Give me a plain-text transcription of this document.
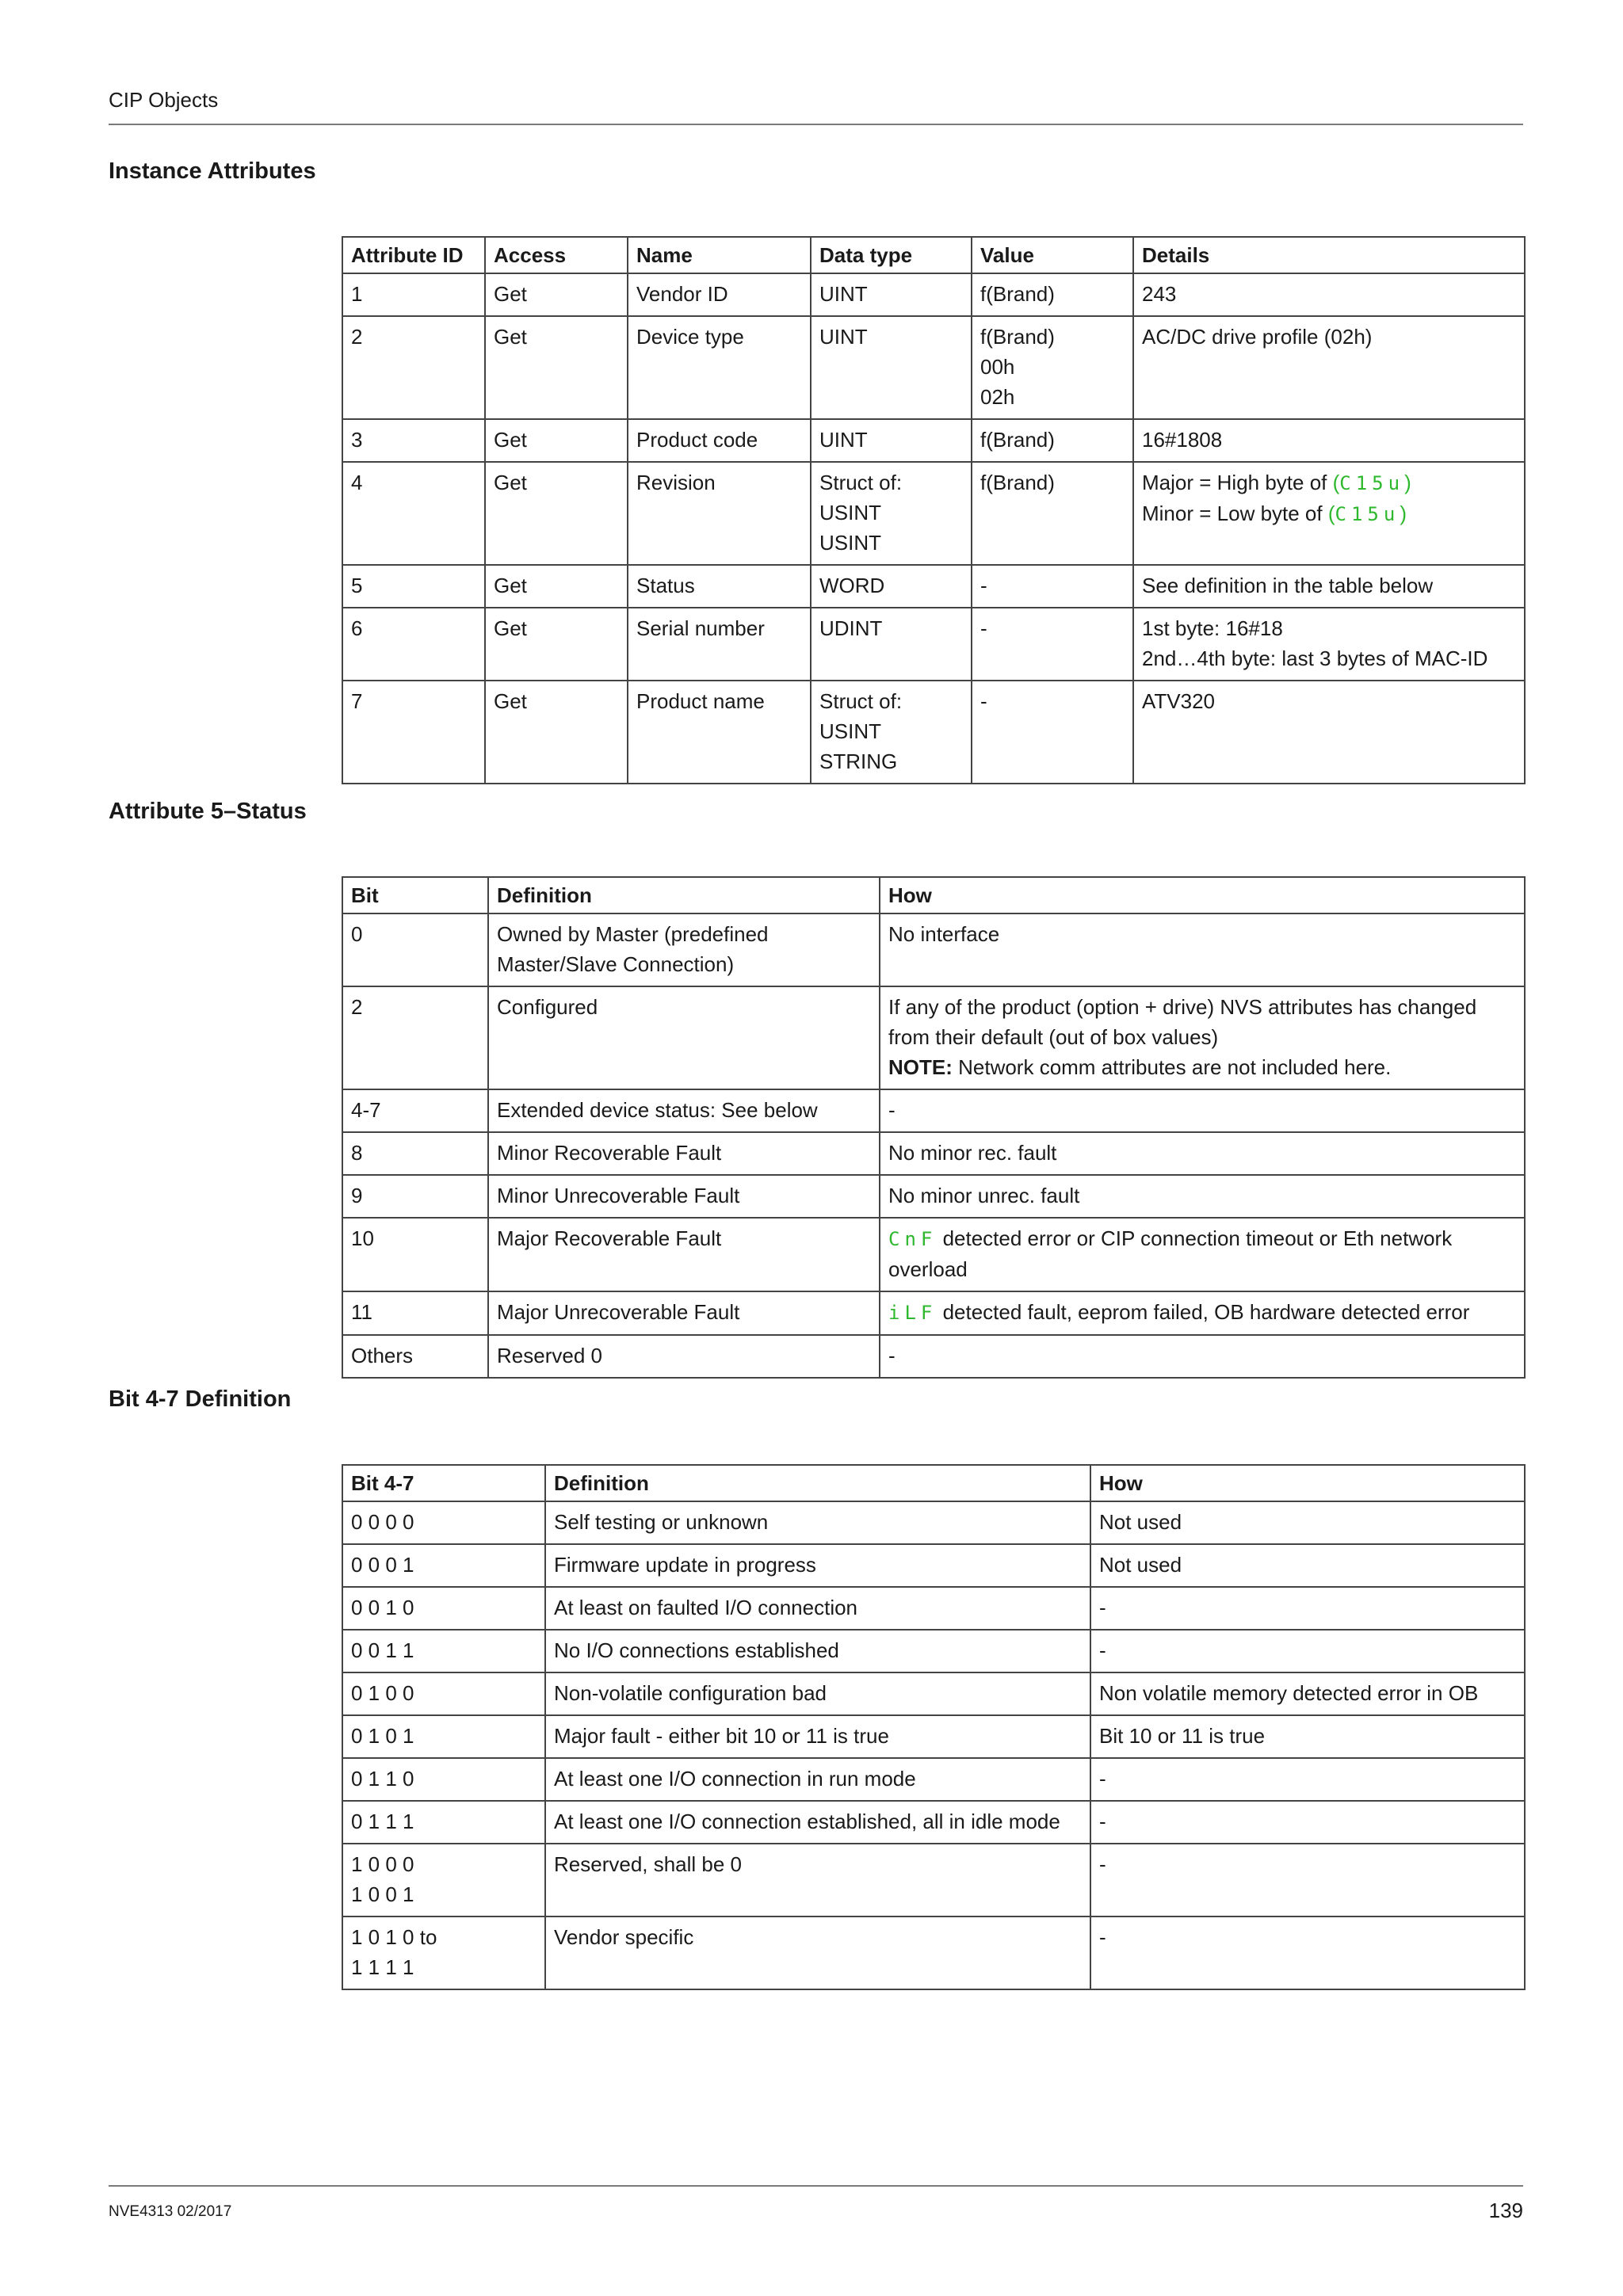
CIP Objects
Instance Attributes
Attribute ID	Access	Name	Data type	Value	Details
1	Get	Vendor ID	UINT	f(Brand)	243

2	Get	Device type	UINT	f(Brand)
00h
02h	AC/DC drive profile (02h)

3	Get	Product code	UINT	f(Brand)	16#1808

4	Get	Revision	Struct of:
USINT
USINT	f(Brand)	Major = High byte of (C15u)
Minor = Low byte of (C15u)

5	Get	Status	WORD	-	See definition in the table below

6	Get	Serial number	UDINT	-	1st byte: 16#18
2nd…4th byte: last 3 bytes of MAC-ID

7	Get	Product name	Struct of:
USINT
STRING	-	ATV320
Attribute 5–Status
Bit	Definition	How
0	Owned by Master (predefined
Master/Slave Connection)	No interface

2	Configured	If any of the product (option + drive) NVS attributes has changed
from their default (out of box values)
NOTE: Network comm attributes are not included here.

4-7	Extended device status: See below	-

8	Minor Recoverable Fault	No minor rec. fault

9	Minor Unrecoverable Fault	No minor unrec. fault

10	Major Recoverable Fault	CnF detected error or CIP connection timeout or Eth network
overload

11	Major Unrecoverable Fault	iLF detected fault, eeprom failed, OB hardware detected error

Others	Reserved 0	-
Bit 4-7 Definition
Bit 4-7	Definition	How

0 0 0 0	Self testing or unknown	Not used

0 0 0 1	Firmware update in progress	Not used

0 0 1 0	At least on faulted I/O connection	-

0 0 1 1	No I/O connections established	-

0 1 0 0	Non-volatile configuration bad	Non volatile memory detected error in OB

0 1 0 1	Major fault - either bit 10 or 11 is true	Bit 10 or 11 is true

0 1 1 0	At least one I/O connection in run mode	-

0 1 1 1	At least one I/O connection established, all in idle mode	-

1 0 0 0
1 0 0 1	Reserved, shall be 0	-

1 0 1 0 to
1 1 1 1	Vendor specific	-
NVE4313 02/2017	139
